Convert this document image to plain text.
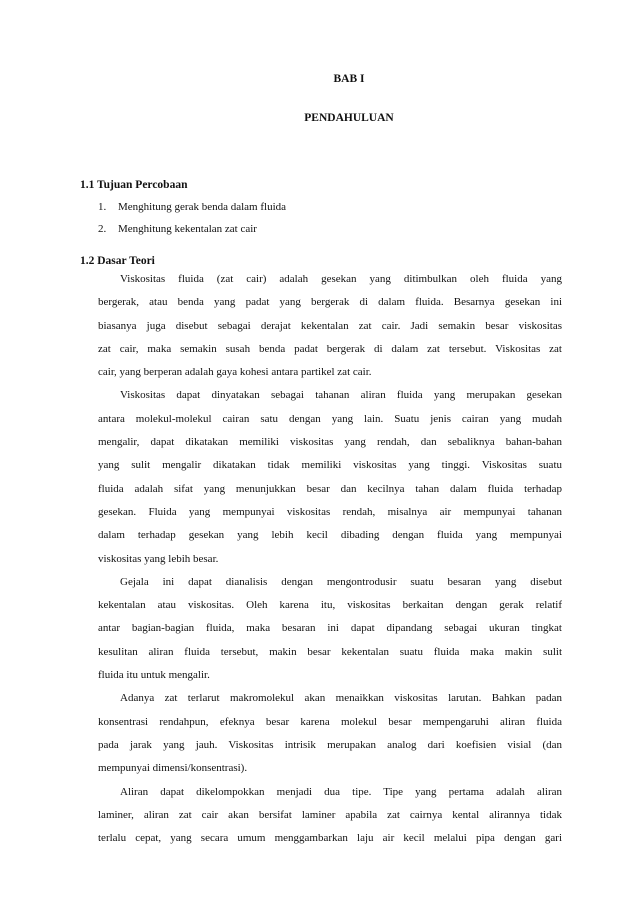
BAB I
PENDAHULUAN
1.1 Tujuan Percobaan
1. Menghitung gerak benda dalam fluida
2. Menghitung kekentalan zat cair
1.2 Dasar Teori
Viskositas fluida (zat cair) adalah gesekan yang ditimbulkan oleh fluida yang
bergerak, atau benda yang padat yang bergerak di dalam fluida. Besarnya gesekan ini
biasanya juga disebut sebagai derajat kekentalan zat cair. Jadi semakin besar viskositas
zat cair, maka semakin susah benda padat bergerak di dalam zat tersebut. Viskositas zat
cair, yang berperan adalah gaya kohesi antara partikel zat cair.
Viskositas dapat dinyatakan sebagai tahanan aliran fluida yang merupakan gesekan
antara molekul-molekul cairan satu dengan yang lain. Suatu jenis cairan yang mudah
mengalir, dapat dikatakan memiliki viskositas yang rendah, dan sebaliknya bahan-bahan
yang sulit mengalir dikatakan tidak memiliki viskositas yang tinggi. Viskositas suatu
fluida adalah sifat yang menunjukkan besar dan kecilnya tahan dalam fluida terhadap
gesekan. Fluida yang mempunyai viskositas rendah, misalnya air mempunyai tahanan
dalam terhadap gesekan yang lebih kecil dibading dengan fluida yang mempunyai
viskositas yang lebih besar.
Gejala ini dapat dianalisis dengan mengontrodusir suatu besaran yang disebut
kekentalan atau viskositas. Oleh karena itu, viskositas berkaitan dengan gerak relatif
antar bagian-bagian fluida, maka besaran ini dapat dipandang sebagai ukuran tingkat
kesulitan aliran fluida tersebut, makin besar kekentalan suatu fluida maka makin sulit
fluida itu untuk mengalir.
Adanya zat terlarut makromolekul akan menaikkan viskositas larutan. Bahkan padan
konsentrasi rendahpun, efeknya besar karena molekul besar mempengaruhi aliran fluida
pada jarak yang jauh. Viskositas intrisik merupakan analog dari koefisien visial (dan
mempunyai dimensi/konsentrasi).
Aliran dapat dikelompokkan menjadi dua tipe. Tipe yang pertama adalah aliran
laminer, aliran zat cair akan bersifat laminer apabila zat cairnya kental alirannya tidak
terlalu cepat, yang secara umum menggambarkan laju air kecil melalui pipa dengan gari
